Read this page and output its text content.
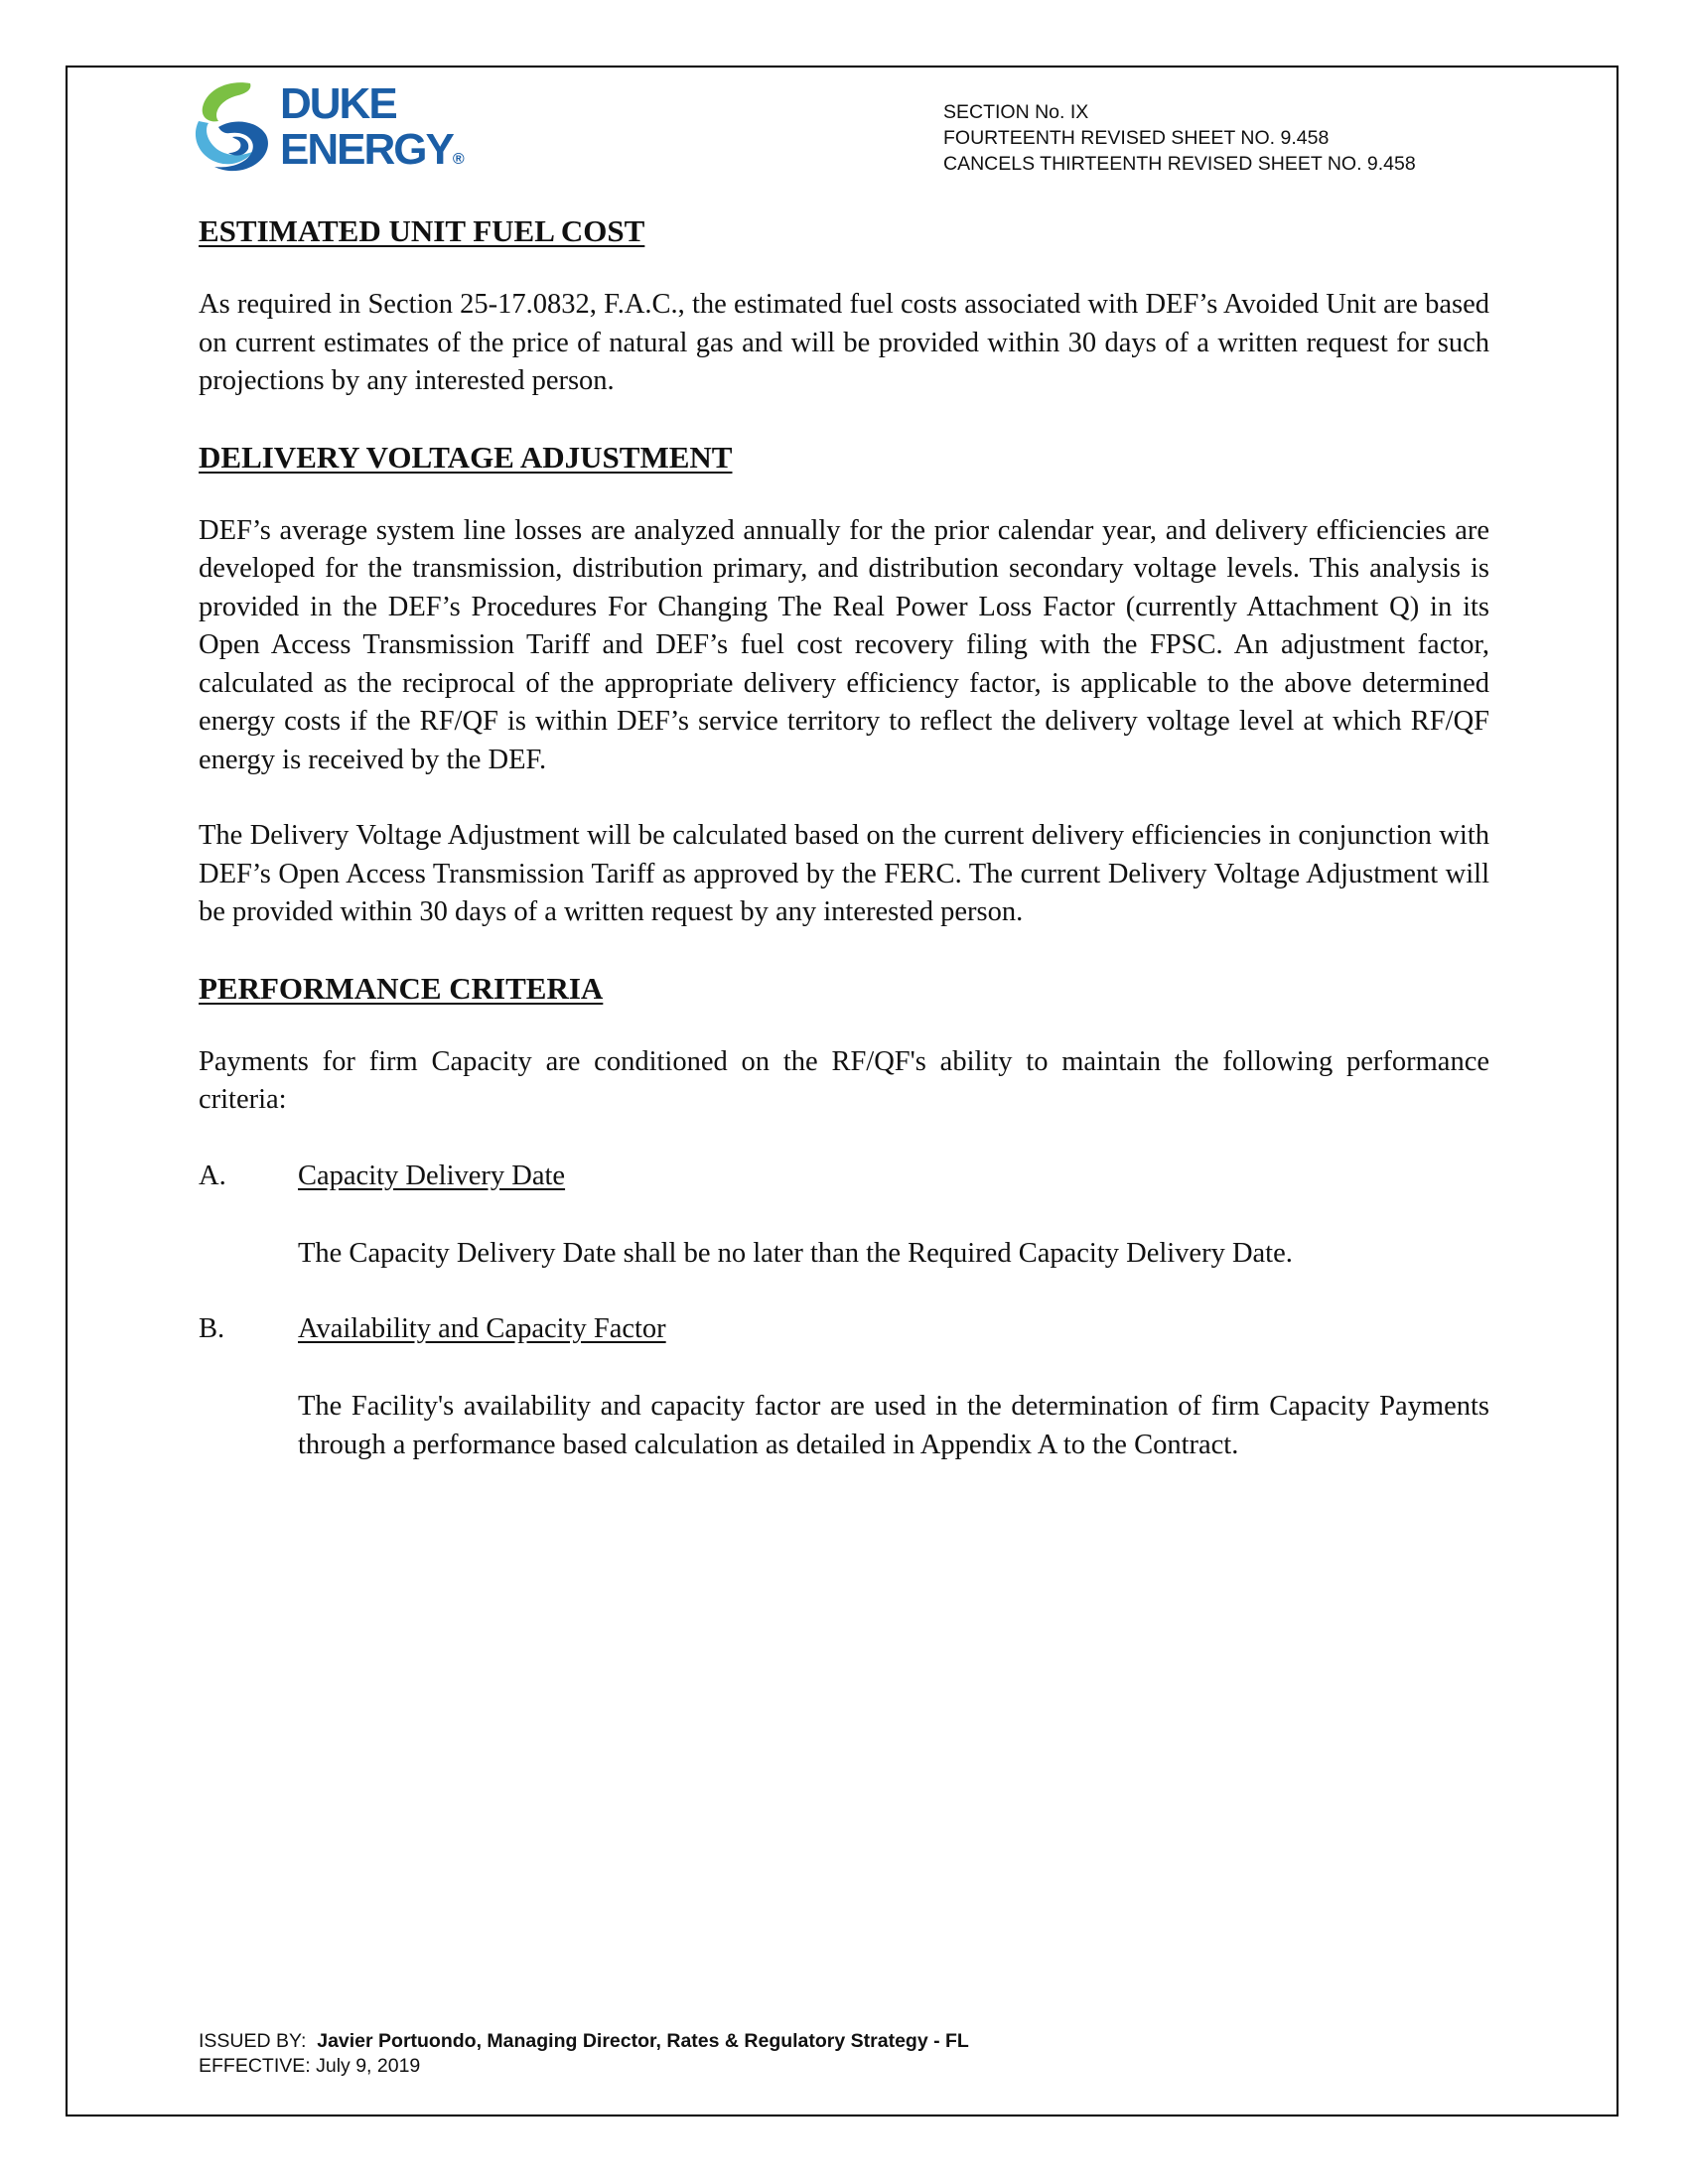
DUKE
ENERGY®
SECTION No. IX
FOURTEENTH REVISED SHEET NO. 9.458
CANCELS THIRTEENTH REVISED SHEET NO. 9.458
ESTIMATED UNIT FUEL COST

As required in Section 25-17.0832, F.A.C., the estimated fuel costs associated with DEF’s Avoided Unit are based on current estimates of the price of natural gas and will be provided within 30 days of a written request for such projections by any interested person.

DELIVERY VOLTAGE ADJUSTMENT

DEF’s average system line losses are analyzed annually for the prior calendar year, and delivery efficiencies are developed for the transmission, distribution primary, and distribution secondary voltage levels. This analysis is provided in the DEF’s Procedures For Changing The Real Power Loss Factor (currently Attachment Q) in its Open Access Transmission Tariff and DEF’s fuel cost recovery filing with the FPSC. An adjustment factor, calculated as the reciprocal of the appropriate delivery efficiency factor, is applicable to the above determined energy costs if the RF/QF is within DEF’s service territory to reflect the delivery voltage level at which RF/QF energy is received by the DEF.

The Delivery Voltage Adjustment will be calculated based on the current delivery efficiencies in conjunction with DEF’s Open Access Transmission Tariff as approved by the FERC. The current Delivery Voltage Adjustment will be provided within 30 days of a written request by any interested person.

PERFORMANCE CRITERIA

Payments for firm Capacity are conditioned on the RF/QF's ability to maintain the following performance criteria:

A.	Capacity Delivery Date

The Capacity Delivery Date shall be no later than the Required Capacity Delivery Date.

B.	Availability and Capacity Factor

The Facility's availability and capacity factor are used in the determination of firm Capacity Payments through a performance based calculation as detailed in Appendix A to the Contract.

ISSUED BY: Javier Portuondo, Managing Director, Rates & Regulatory Strategy - FL
EFFECTIVE: July 9, 2019
